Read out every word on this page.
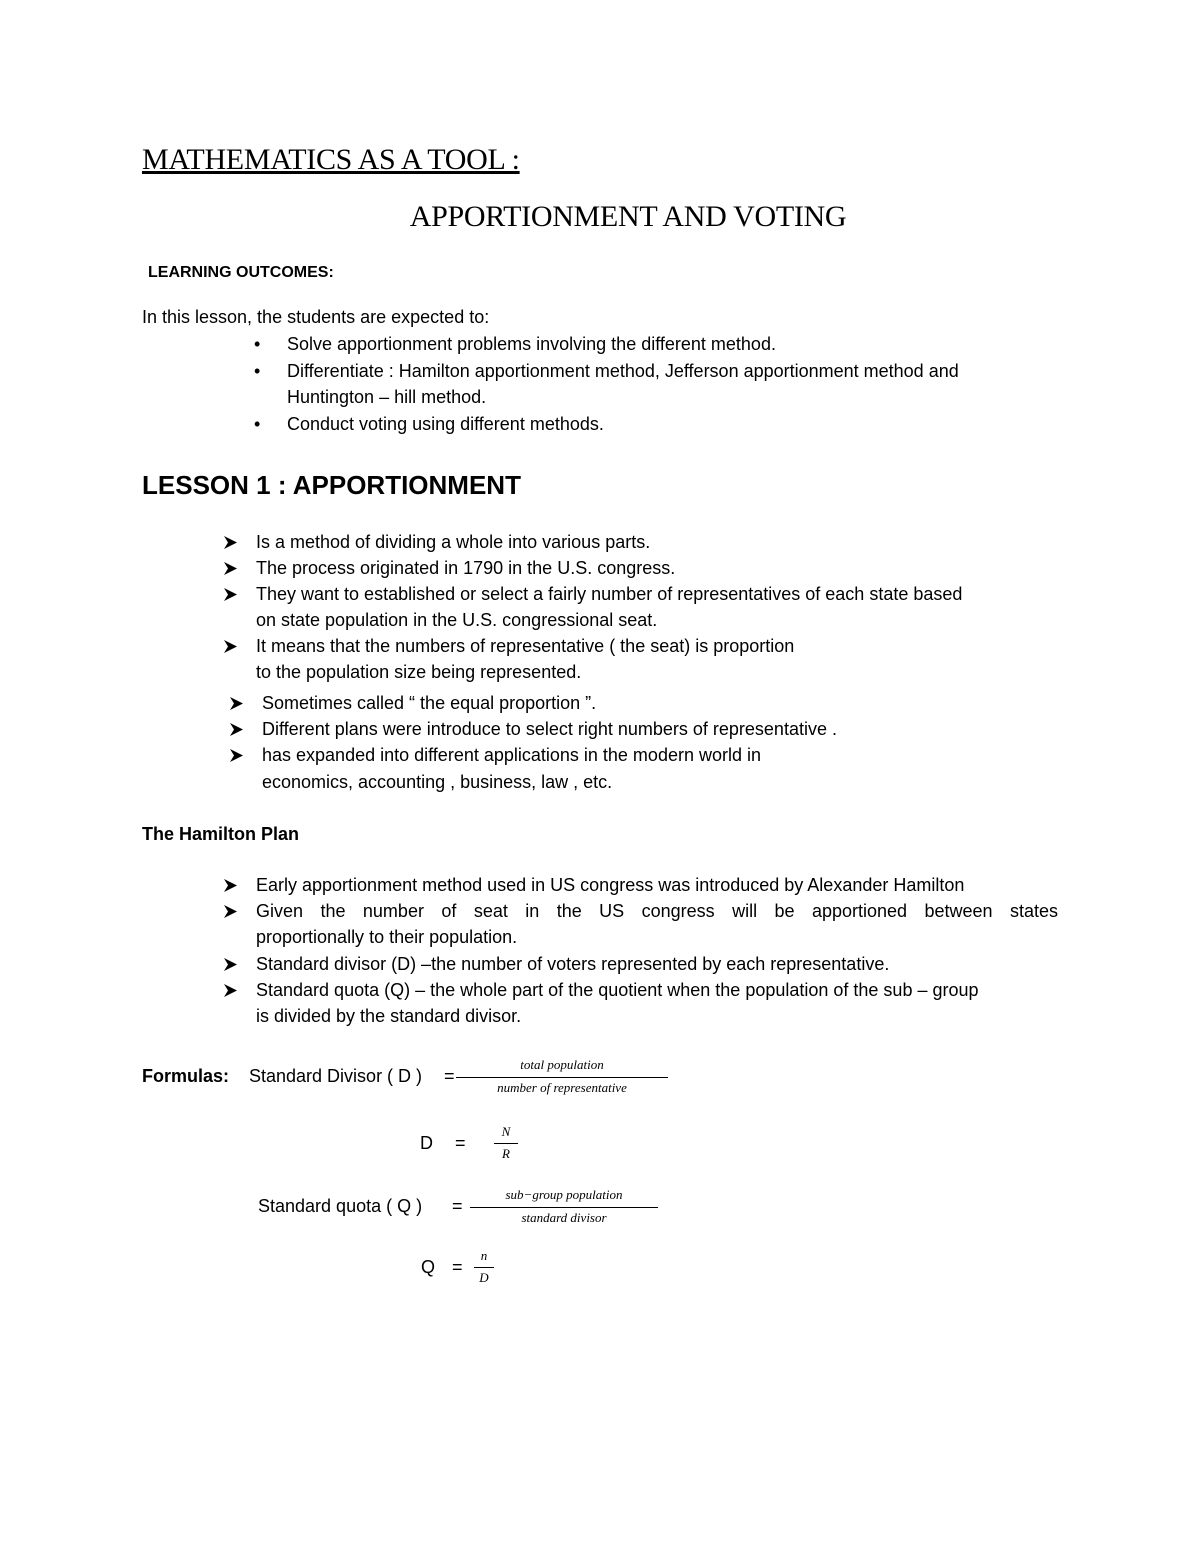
MATHEMATICS AS A TOOL :
APPORTIONMENT AND VOTING
LEARNING OUTCOMES:
In this lesson, the students are expected to:
• Solve apportionment problems involving the different method.
• Differentiate : Hamilton apportionment method, Jefferson apportionment method and
Huntington – hill method.
• Conduct voting using different methods.
LESSON 1 : APPORTIONMENT
Is a method of dividing a whole into various parts.
The process originated in 1790 in the U.S. congress.
They want to established or select a fairly number of representatives of each state based
on state population in the U.S. congressional seat.
It means that the numbers of representative ( the seat) is proportion
to the population size being represented.
Sometimes called “ the equal proportion ”.
Different plans were introduce to select right numbers of representative .
has expanded into different applications in the modern world in
economics, accounting , business, law , etc.
The Hamilton Plan
Early apportionment method used in US congress was introduced by Alexander Hamilton
Given the number of seat in the US congress will be apportioned between states
proportionally to their population.
Standard divisor (D) –the number of voters represented by each representative.
Standard quota (Q) – the whole part of the quotient when the population of the sub – group
is divided by the standard divisor.
Formulas: Standard Divisor ( D ) =
total population
number of representative
D =
N
R
Standard quota ( Q ) =
sub−group population
standard divisor
Q =
n
D
